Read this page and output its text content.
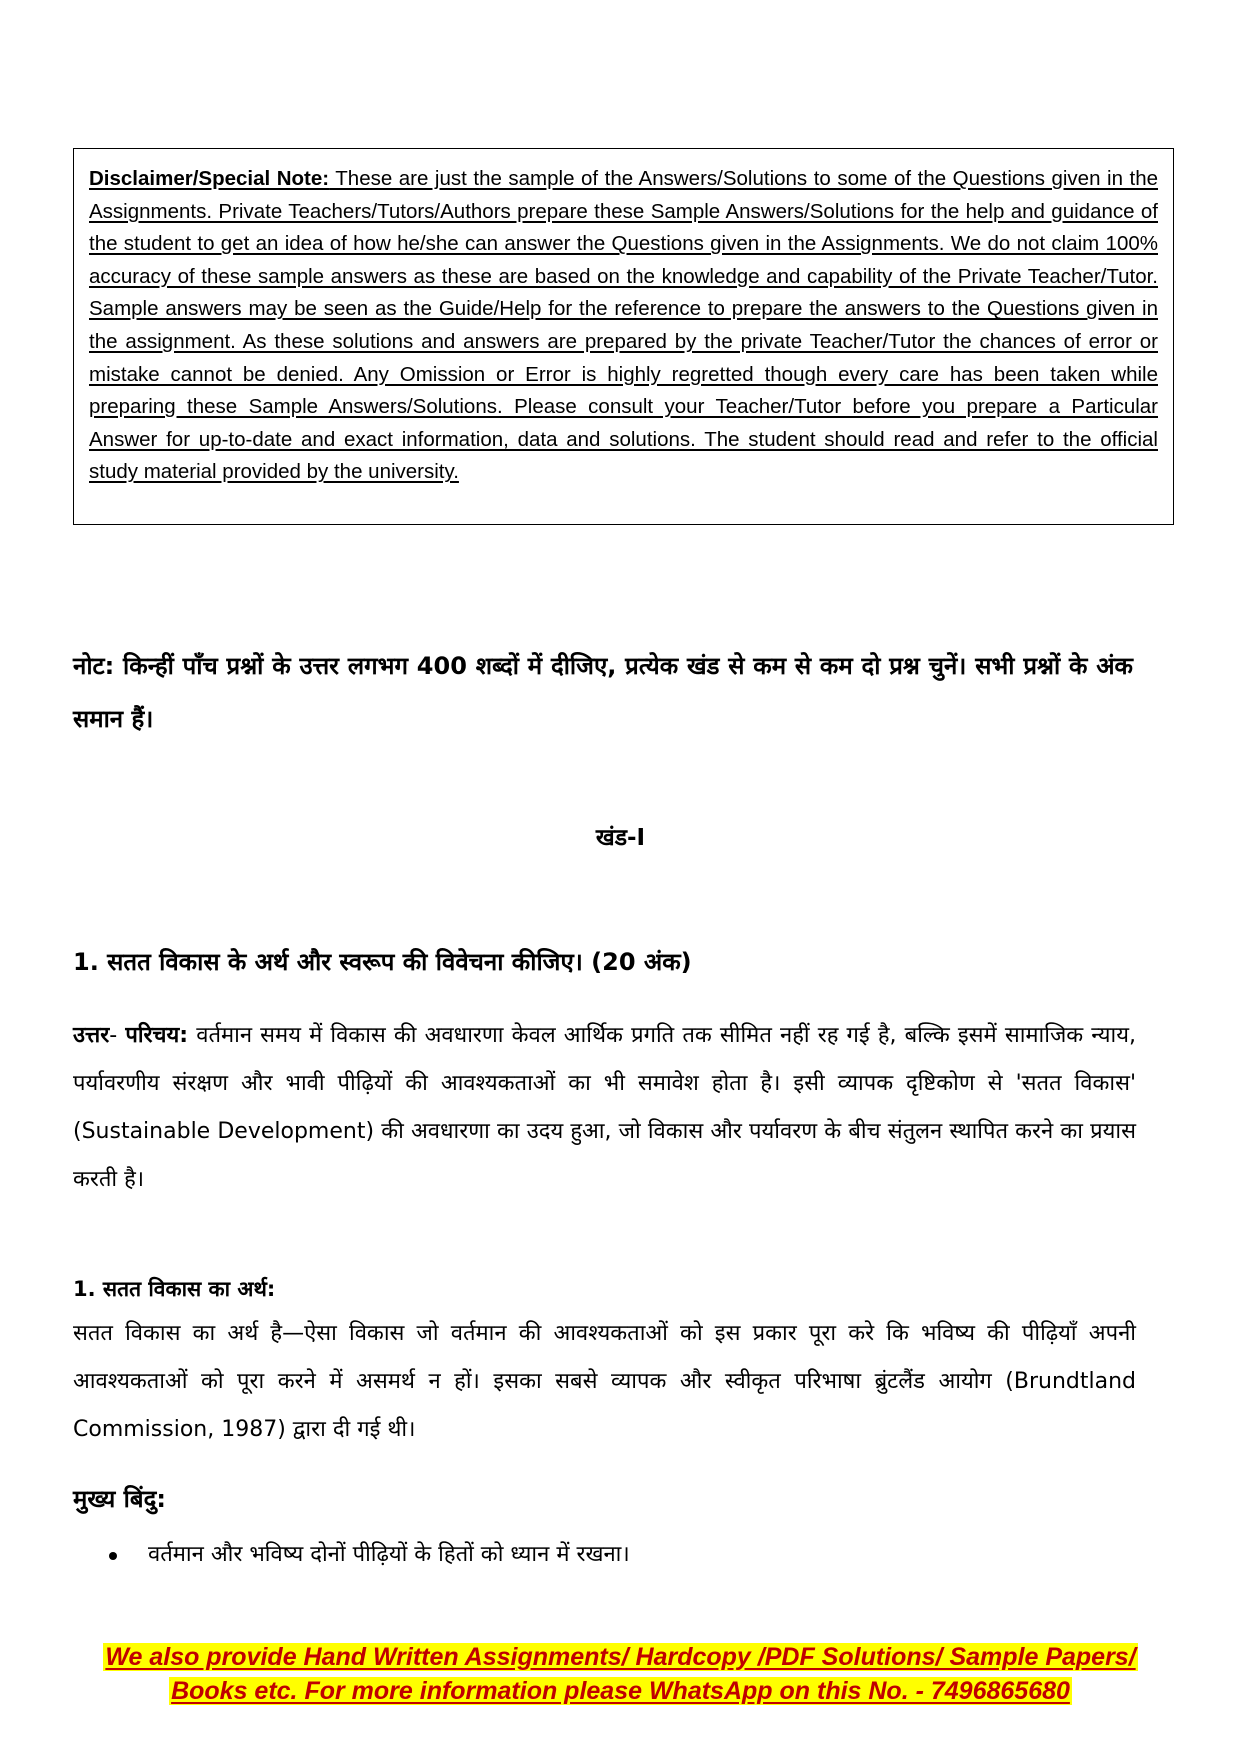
Disclaimer/Special Note: These are just the sample of the Answers/Solutions to some of the Questions given in the Assignments. Private Teachers/Tutors/Authors prepare these Sample Answers/Solutions for the help and guidance of the student to get an idea of how he/she can answer the Questions given in the Assignments. We do not claim 100% accuracy of these sample answers as these are based on the knowledge and capability of the Private Teacher/Tutor. Sample answers may be seen as the Guide/Help for the reference to prepare the answers to the Questions given in the assignment. As these solutions and answers are prepared by the private Teacher/Tutor the chances of error or mistake cannot be denied. Any Omission or Error is highly regretted though every care has been taken while preparing these Sample Answers/Solutions. Please consult your Teacher/Tutor before you prepare a Particular Answer for up-to-date and exact information, data and solutions. The student should read and refer to the official study material provided by the university.

नोट: किन्हीं पाँच प्रश्नों के उत्तर लगभग 400 शब्दों में दीजिए, प्रत्येक खंड से कम से कम दो प्रश्न चुनें। सभी प्रश्नों के अंक समान हैं।
खंड-I
1. सतत विकास के अर्थ और स्वरूप की विवेचना कीजिए। (20 अंक)
उत्तर- परिचय: वर्तमान समय में विकास की अवधारणा केवल आर्थिक प्रगति तक सीमित नहीं रह गई है, बल्कि इसमें सामाजिक न्याय, पर्यावरणीय संरक्षण और भावी पीढ़ियों की आवश्यकताओं का भी समावेश होता है। इसी व्यापक दृष्टिकोण से 'सतत विकास' (Sustainable Development) की अवधारणा का उदय हुआ, जो विकास और पर्यावरण के बीच संतुलन स्थापित करने का प्रयास करती है।
1. सतत विकास का अर्थ:
सतत विकास का अर्थ है—ऐसा विकास जो वर्तमान की आवश्यकताओं को इस प्रकार पूरा करे कि भविष्य की पीढ़ियाँ अपनी आवश्यकताओं को पूरा करने में असमर्थ न हों। इसका सबसे व्यापक और स्वीकृत परिभाषा ब्रुंटलैंड आयोग (Brundtland Commission, 1987) द्वारा दी गई थी।
मुख्य बिंदु:
वर्तमान और भविष्य दोनों पीढ़ियों के हितों को ध्यान में रखना।
We also provide Hand Written Assignments/ Hardcopy /PDF Solutions/ Sample Papers/
Books etc. For more information please WhatsApp on this No. - 7496865680
